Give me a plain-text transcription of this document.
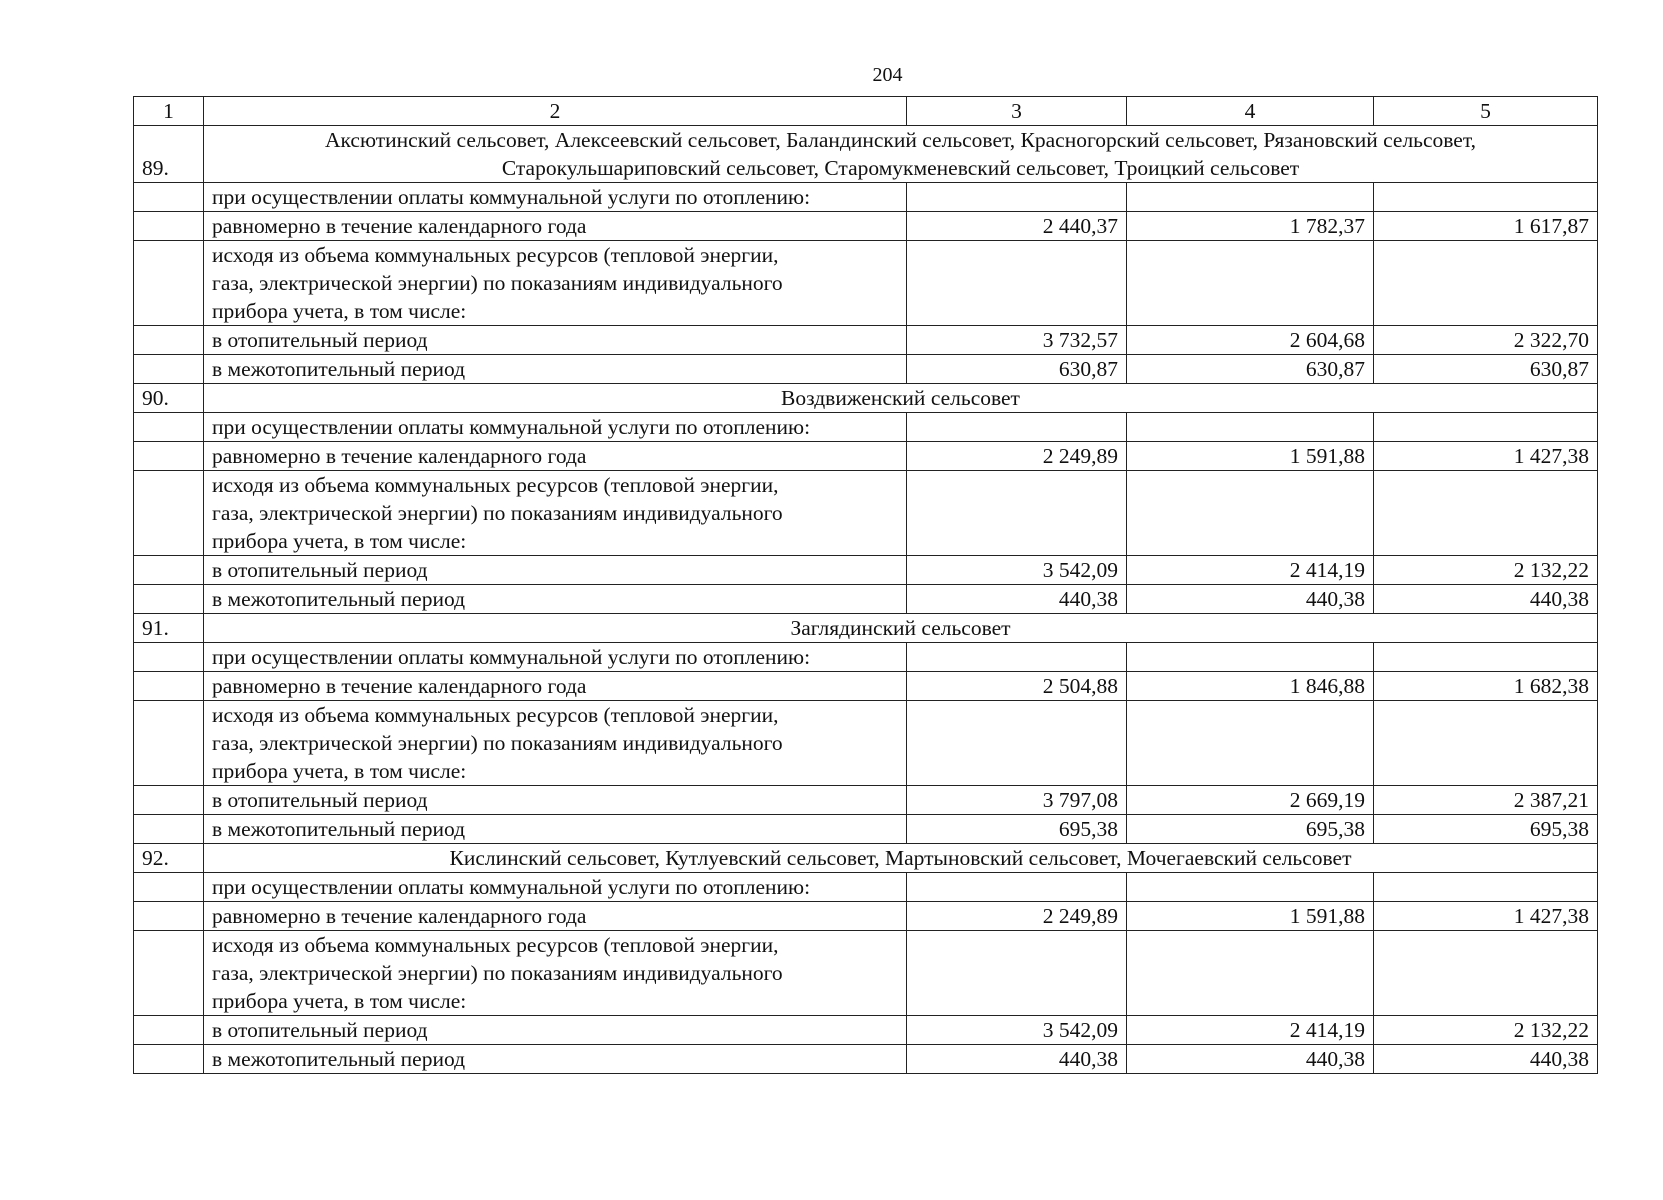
204
1	2	3	4	5
89.	Аксютинский сельсовет, Алексеевский сельсовет, Баландинский сельсовет, Красногорский сельсовет, Рязановский сельсовет,
Старокульшариповский сельсовет, Старомукменевский сельсовет, Троицкий сельсовет			

	при осуществлении оплаты коммунальной услуги по отоплению:			

	равномерно в течение календарного года	2 440,37	1 782,37	1 617,87

	исходя из объема коммунальных ресурсов (тепловой энергии,
газа, электрической энергии) по показаниям индивидуального
прибора учета, в том числе:			

	в отопительный период	3 732,57	2 604,68	2 322,70

	в межотопительный период	630,87	630,87	630,87
90.	Воздвиженский сельсовет			

	при осуществлении оплаты коммунальной услуги по отоплению:			

	равномерно в течение календарного года	2 249,89	1 591,88	1 427,38

	исходя из объема коммунальных ресурсов (тепловой энергии,
газа, электрической энергии) по показаниям индивидуального
прибора учета, в том числе:			

	в отопительный период	3 542,09	2 414,19	2 132,22

	в межотопительный период	440,38	440,38	440,38
91.	Заглядинский сельсовет			

	при осуществлении оплаты коммунальной услуги по отоплению:			

	равномерно в течение календарного года	2 504,88	1 846,88	1 682,38

	исходя из объема коммунальных ресурсов (тепловой энергии,
газа, электрической энергии) по показаниям индивидуального
прибора учета, в том числе:			

	в отопительный период	3 797,08	2 669,19	2 387,21

	в межотопительный период	695,38	695,38	695,38
92.	Кислинский сельсовет, Кутлуевский сельсовет, Мартыновский сельсовет, Мочегаевский сельсовет			

	при осуществлении оплаты коммунальной услуги по отоплению:			

	равномерно в течение календарного года	2 249,89	1 591,88	1 427,38

	исходя из объема коммунальных ресурсов (тепловой энергии,
газа, электрической энергии) по показаниям индивидуального
прибора учета, в том числе:			

	в отопительный период	3 542,09	2 414,19	2 132,22

	в межотопительный период	440,38	440,38	440,38
